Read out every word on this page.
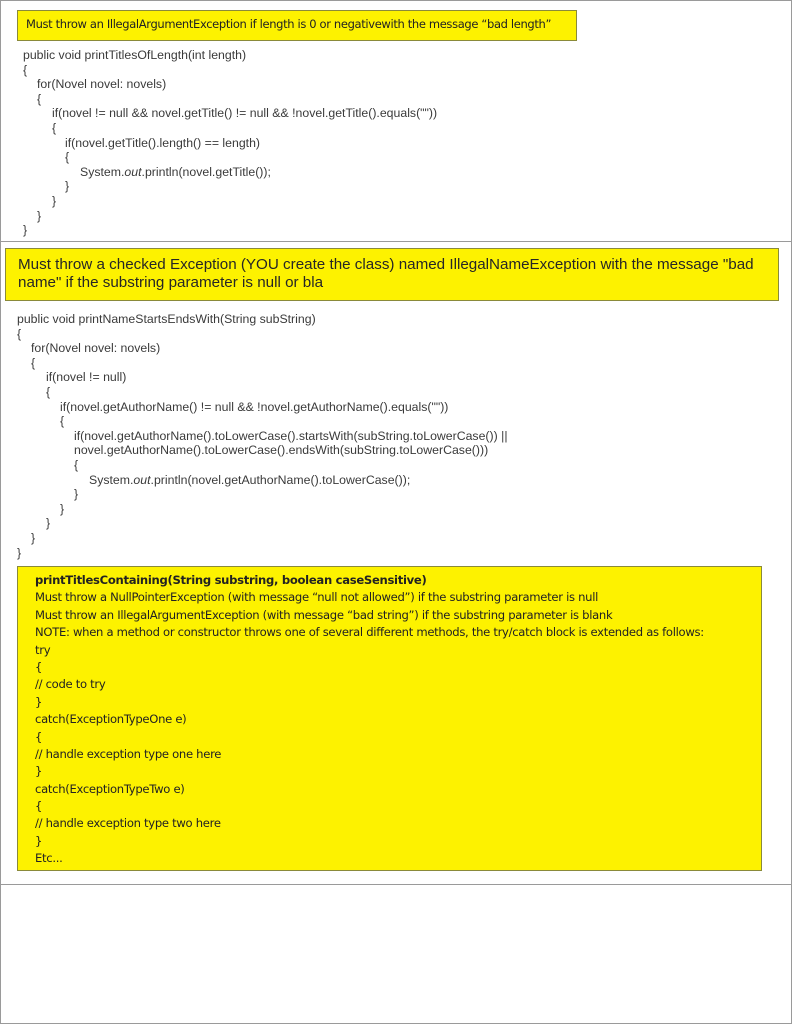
Must throw an IllegalArgumentException if length is 0 or negativewith the message “bad length”
public void printTitlesOfLength(int length)
{
for(Novel novel: novels)
{
if(novel != null && novel.getTitle() != null && !novel.getTitle().equals(""))
{
if(novel.getTitle().length() == length)
{
System.out.println(novel.getTitle());
}
}
}
}
Must throw a checked Exception (YOU create the class) named IllegalNameException with the message "bad name" if the substring parameter is null or bla
public void printNameStartsEndsWith(String subString)
{
for(Novel novel: novels)
{
if(novel != null)
{
if(novel.getAuthorName() != null && !novel.getAuthorName().equals(""))
{
if(novel.getAuthorName().toLowerCase().startsWith(subString.toLowerCase()) ||
novel.getAuthorName().toLowerCase().endsWith(subString.toLowerCase()))
{
System.out.println(novel.getAuthorName().toLowerCase());
}
}
}
}
}
printTitlesContaining(String substring, boolean caseSensitive)
Must throw a NullPointerException (with message “null not allowed”) if the substring parameter is null
Must throw an IllegalArgumentException (with message “bad string”) if the substring parameter is blank
NOTE: when a method or constructor throws one of several different methods, the try/catch block is extended as follows:
try
{
// code to try
}
catch(ExceptionTypeOne e)
{
// handle exception type one here
}
catch(ExceptionTypeTwo e)
{
// handle exception type two here
}
Etc...
